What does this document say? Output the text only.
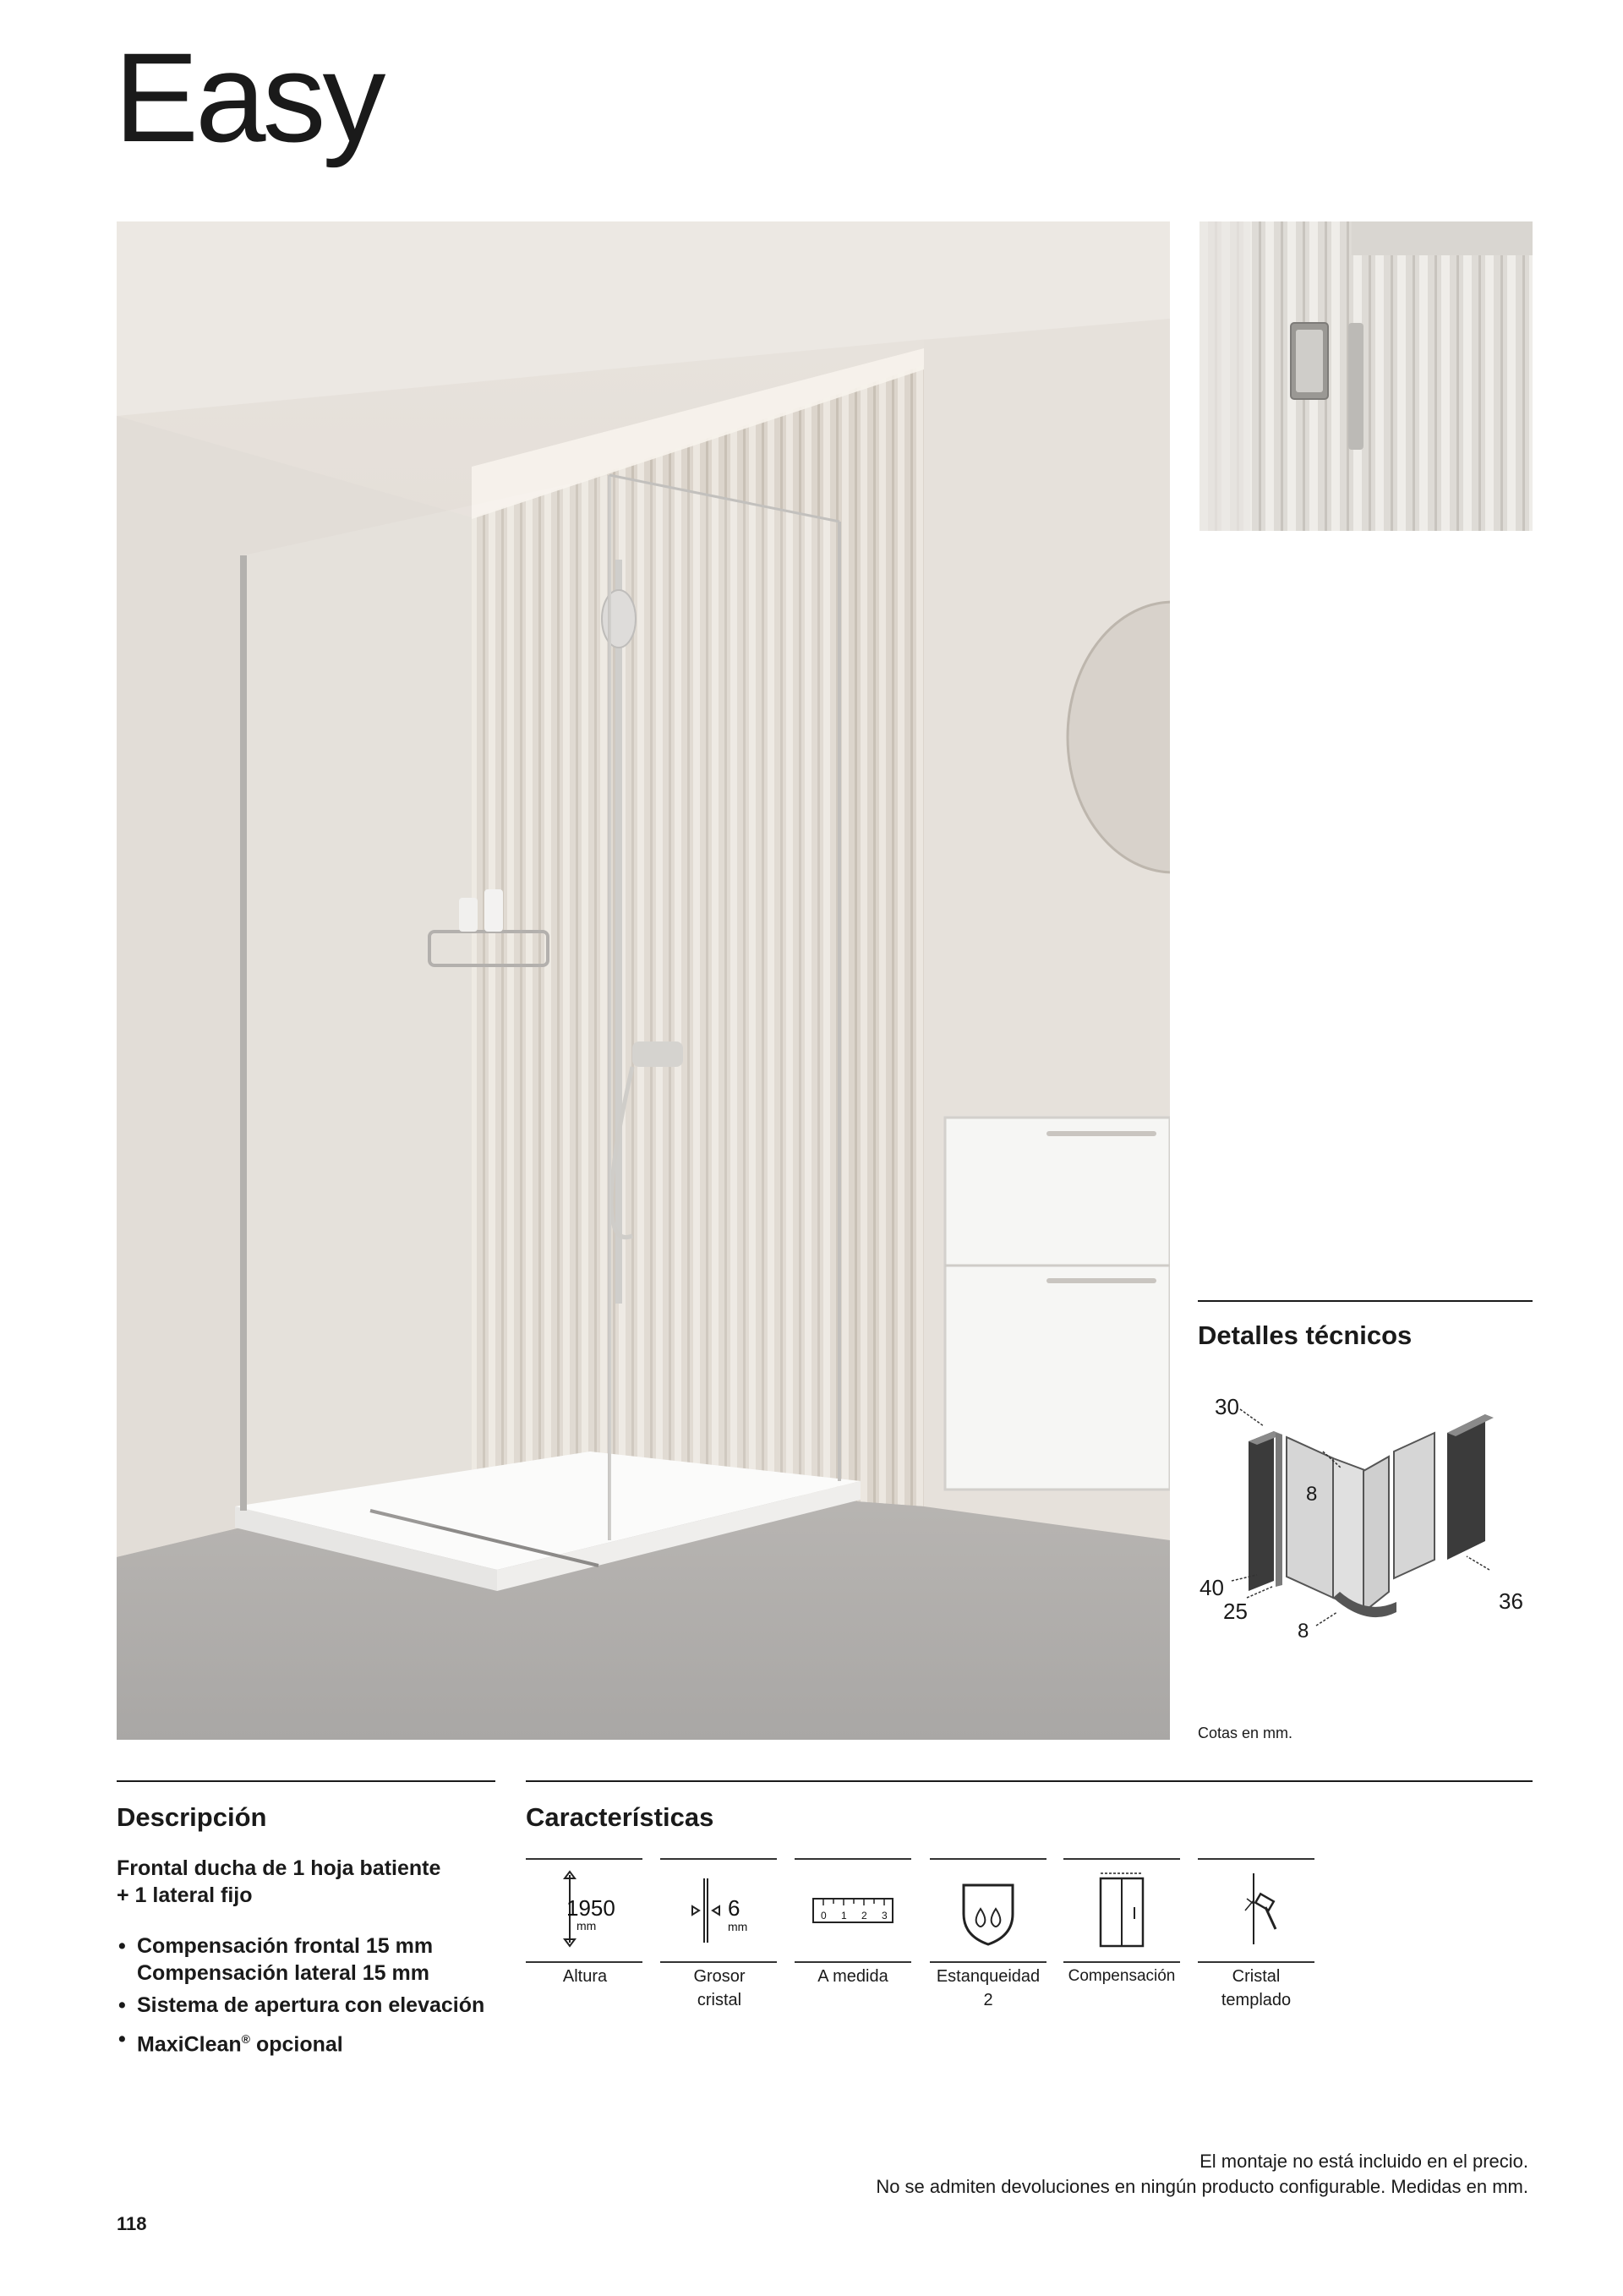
Easy
Detalles técnicos
30
8
40
25
8
36
Cotas en mm.
Descripción
Frontal ducha de 1 hoja batiente
+ 1 lateral fijo
• Compensación frontal 15 mm
Compensación lateral 15 mm
• Sistema de apertura con elevación
• MaxiClean® opcional
Características
1950
mm
Altura
6
mm
Grosor
cristal
0 1 2 3
A medida	Estanqueidad
2
Compensación	Cristal
templado
El montaje no está incluido en el precio.
No se admiten devoluciones en ningún producto configurable. Medidas en mm.
118
